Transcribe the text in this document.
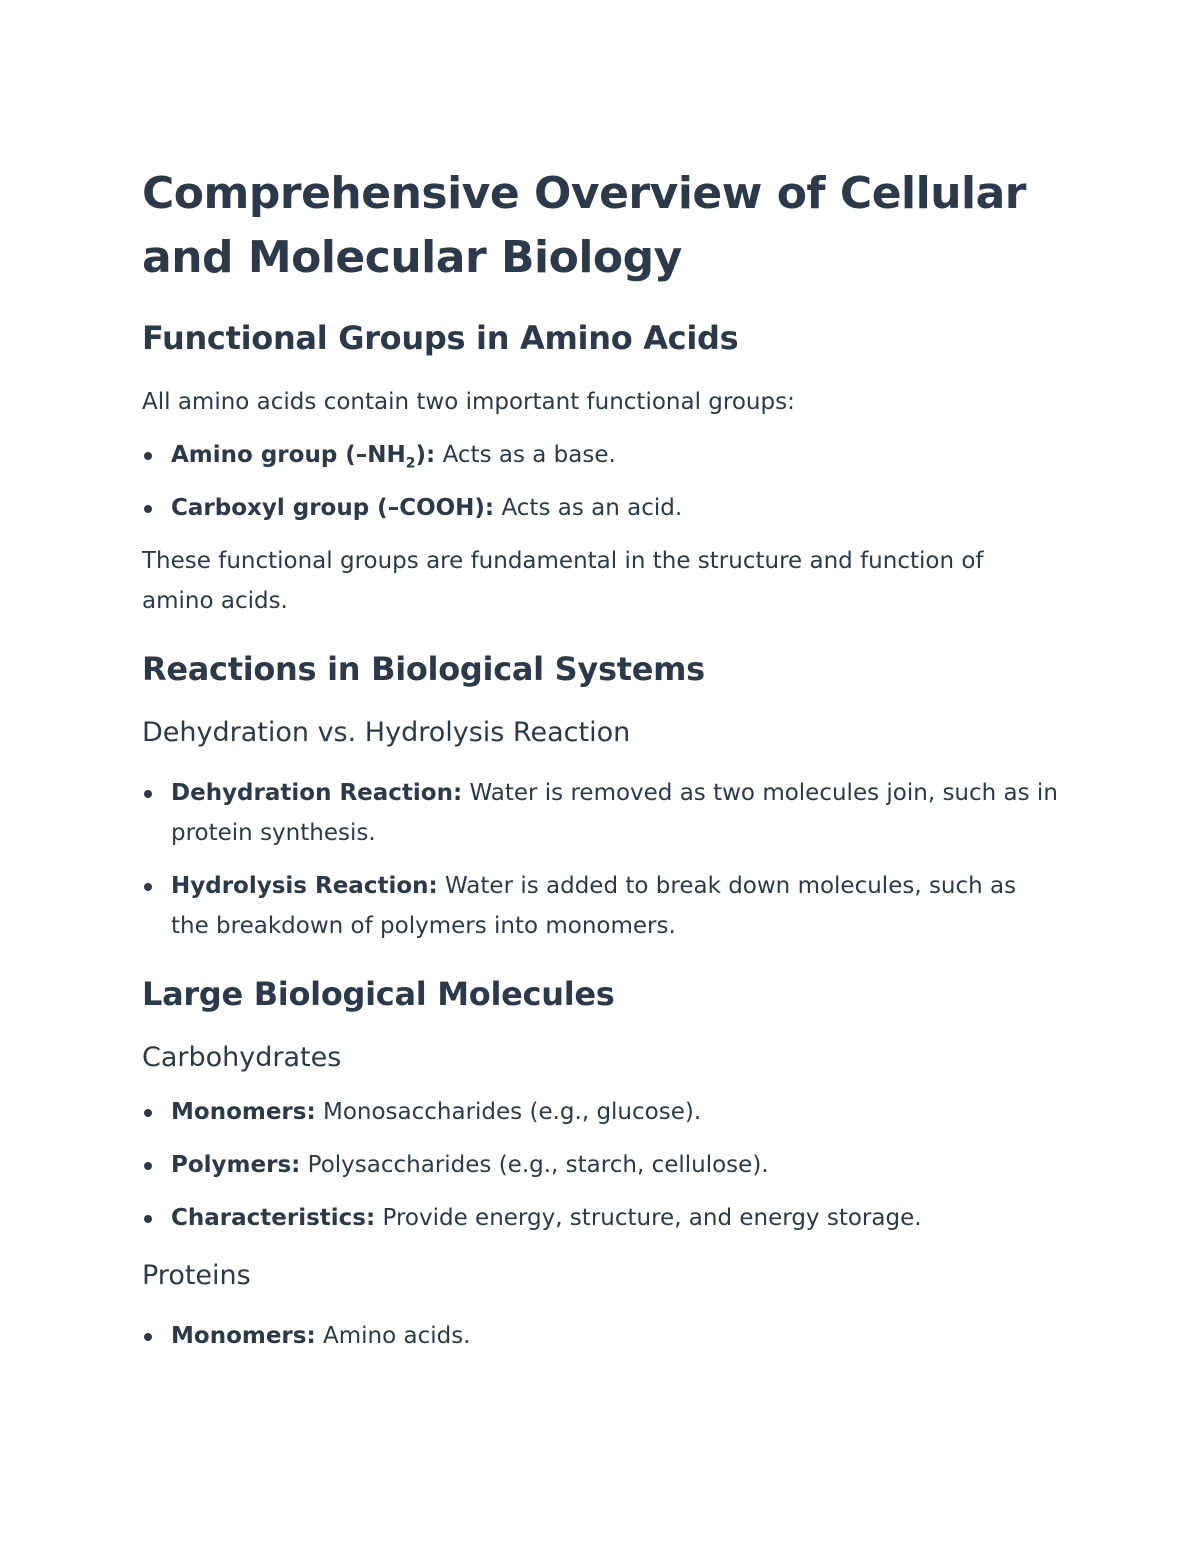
Comprehensive Overview of Cellular and Molecular Biology
Functional Groups in Amino Acids

All amino acids contain two important functional groups:

Amino group $(-NH_2)$: Acts as a base.
Carboxyl group (–COOH): Acts as an acid.

These functional groups are fundamental in the structure and function of amino acids.

Reactions in Biological Systems
Dehydration vs. Hydrolysis Reaction
Dehydration Reaction: Water is removed as two molecules join, such as in protein synthesis.
Hydrolysis Reaction: Water is added to break down molecules, such as the breakdown of polymers into monomers.
Large Biological Molecules
Carbohydrates
Monomers: Monosaccharides (e.g., glucose).
Polymers: Polysaccharides (e.g., starch, cellulose).
Characteristics: Provide energy, structure, and energy storage.
Proteins
Monomers: Amino acids.
